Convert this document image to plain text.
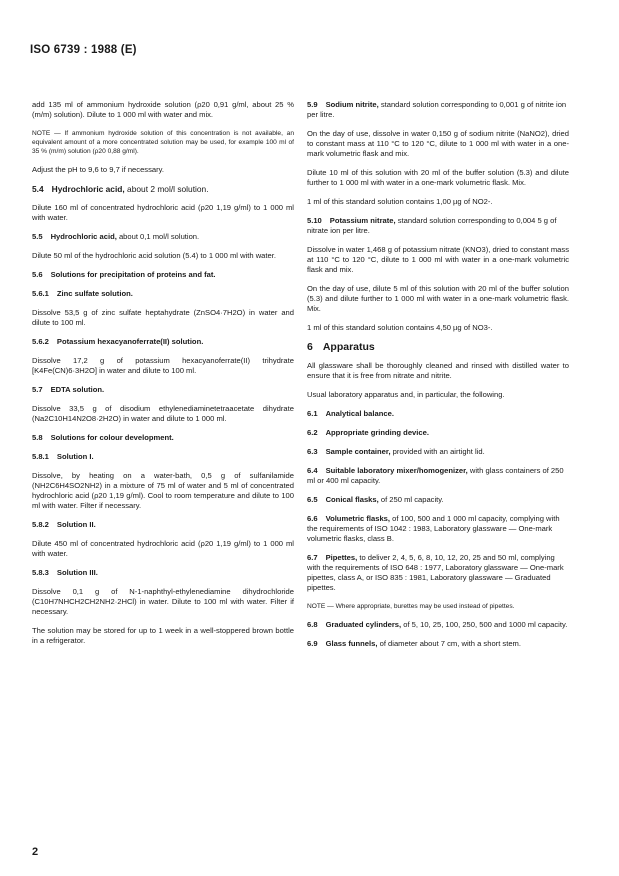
ISO 6739 : 1988 (E)

add 135 ml of ammonium hydroxide solution (ρ20 0,91 g/ml, about 25 % (m/m) solution). Dilute to 1 000 ml with water and mix.

NOTE — If ammonium hydroxide solution of this concentration is not available, an equivalent amount of a more concentrated solution may be used, for example 100 ml of 35 % (m/m) solution (ρ20 0,88 g/ml).

Adjust the pH to 9,6 to 9,7 if necessary.

5.4 Hydrochloric acid, about 2 mol/l solution.

Dilute 160 ml of concentrated hydrochloric acid (ρ20 1,19 g/ml) to 1 000 ml with water.

5.5 Hydrochloric acid, about 0,1 mol/l solution.

Dilute 50 ml of the hydrochloric acid solution (5.4) to 1 000 ml with water.

5.6 Solutions for precipitation of proteins and fat.
5.6.1 Zinc sulfate solution.

Dissolve 53,5 g of zinc sulfate heptahydrate (ZnSO4·7H2O) in water and dilute to 100 ml.

5.6.2 Potassium hexacyanoferrate(II) solution.

Dissolve 17,2 g of potassium hexacyanoferrate(II) trihydrate [K4Fe(CN)6·3H2O] in water and dilute to 100 ml.

5.7 EDTA solution.

Dissolve 33,5 g of disodium ethylenediaminetetraacetate dihydrate (Na2C10H14N2O8·2H2O) in water and dilute to 1 000 ml.

5.8 Solutions for colour development.
5.8.1 Solution I.

Dissolve, by heating on a water-bath, 0,5 g of sulfanilamide (NH2C6H4SO2NH2) in a mixture of 75 ml of water and 5 ml of concentrated hydrochloric acid (ρ20 1,19 g/ml). Cool to room temperature and dilute to 100 ml with water. Filter if necessary.

5.8.2 Solution II.

Dilute 450 ml of concentrated hydrochloric acid (ρ20 1,19 g/ml) to 1 000 ml with water.

5.8.3 Solution III.

Dissolve 0,1 g of N-1-naphthyl-ethylenediamine dihydrochloride (C10H7NHCH2CH2NH2·2HCl) in water. Dilute to 100 ml with water. Filter if necessary.

The solution may be stored for up to 1 week in a well-stoppered brown bottle in a refrigerator.

5.9 Sodium nitrite, standard solution corresponding to 0,001 g of nitrite ion per litre.

On the day of use, dissolve in water 0,150 g of sodium nitrite (NaNO2), dried to constant mass at 110 °C to 120 °C, dilute to 1 000 ml with water in a one-mark volumetric flask and mix.

Dilute 10 ml of this solution with 20 ml of the buffer solution (5.3) and dilute further to 1 000 ml with water in a one-mark volumetric flask. Mix.

1 ml of this standard solution contains 1,00 µg of NO2-.

5.10 Potassium nitrate, standard solution corresponding to 0,004 5 g of nitrate ion per litre.

Dissolve in water 1,468 g of potassium nitrate (KNO3), dried to constant mass at 110 °C to 120 °C, dilute to 1 000 ml with water in a one-mark volumetric flask and mix.

On the day of use, dilute 5 ml of this solution with 20 ml of the buffer solution (5.3) and dilute further to 1 000 ml with water in a one-mark volumetric flask. Mix.

1 ml of this standard solution contains 4,50 µg of NO3-.

6 Apparatus

All glassware shall be thoroughly cleaned and rinsed with distilled water to ensure that it is free from nitrate and nitrite.

Usual laboratory apparatus and, in particular, the following.

6.1 Analytical balance.
6.2 Appropriate grinding device.
6.3 Sample container, provided with an airtight lid.
6.4 Suitable laboratory mixer/homogenizer, with glass containers of 250 ml or 400 ml capacity.
6.5 Conical flasks, of 250 ml capacity.
6.6 Volumetric flasks, of 100, 500 and 1 000 ml capacity, complying with the requirements of ISO 1042 : 1983, Laboratory glassware — One-mark volumetric flasks, class B.
6.7 Pipettes, to deliver 2, 4, 5, 6, 8, 10, 12, 20, 25 and 50 ml, complying with the requirements of ISO 648 : 1977, Laboratory glassware — One-mark pipettes, class A, or ISO 835 : 1981, Laboratory glassware — Graduated pipettes.

NOTE — Where appropriate, burettes may be used instead of pipettes.

6.8 Graduated cylinders, of 5, 10, 25, 100, 250, 500 and 1000 ml capacity.
6.9 Glass funnels, of diameter about 7 cm, with a short stem.
2
